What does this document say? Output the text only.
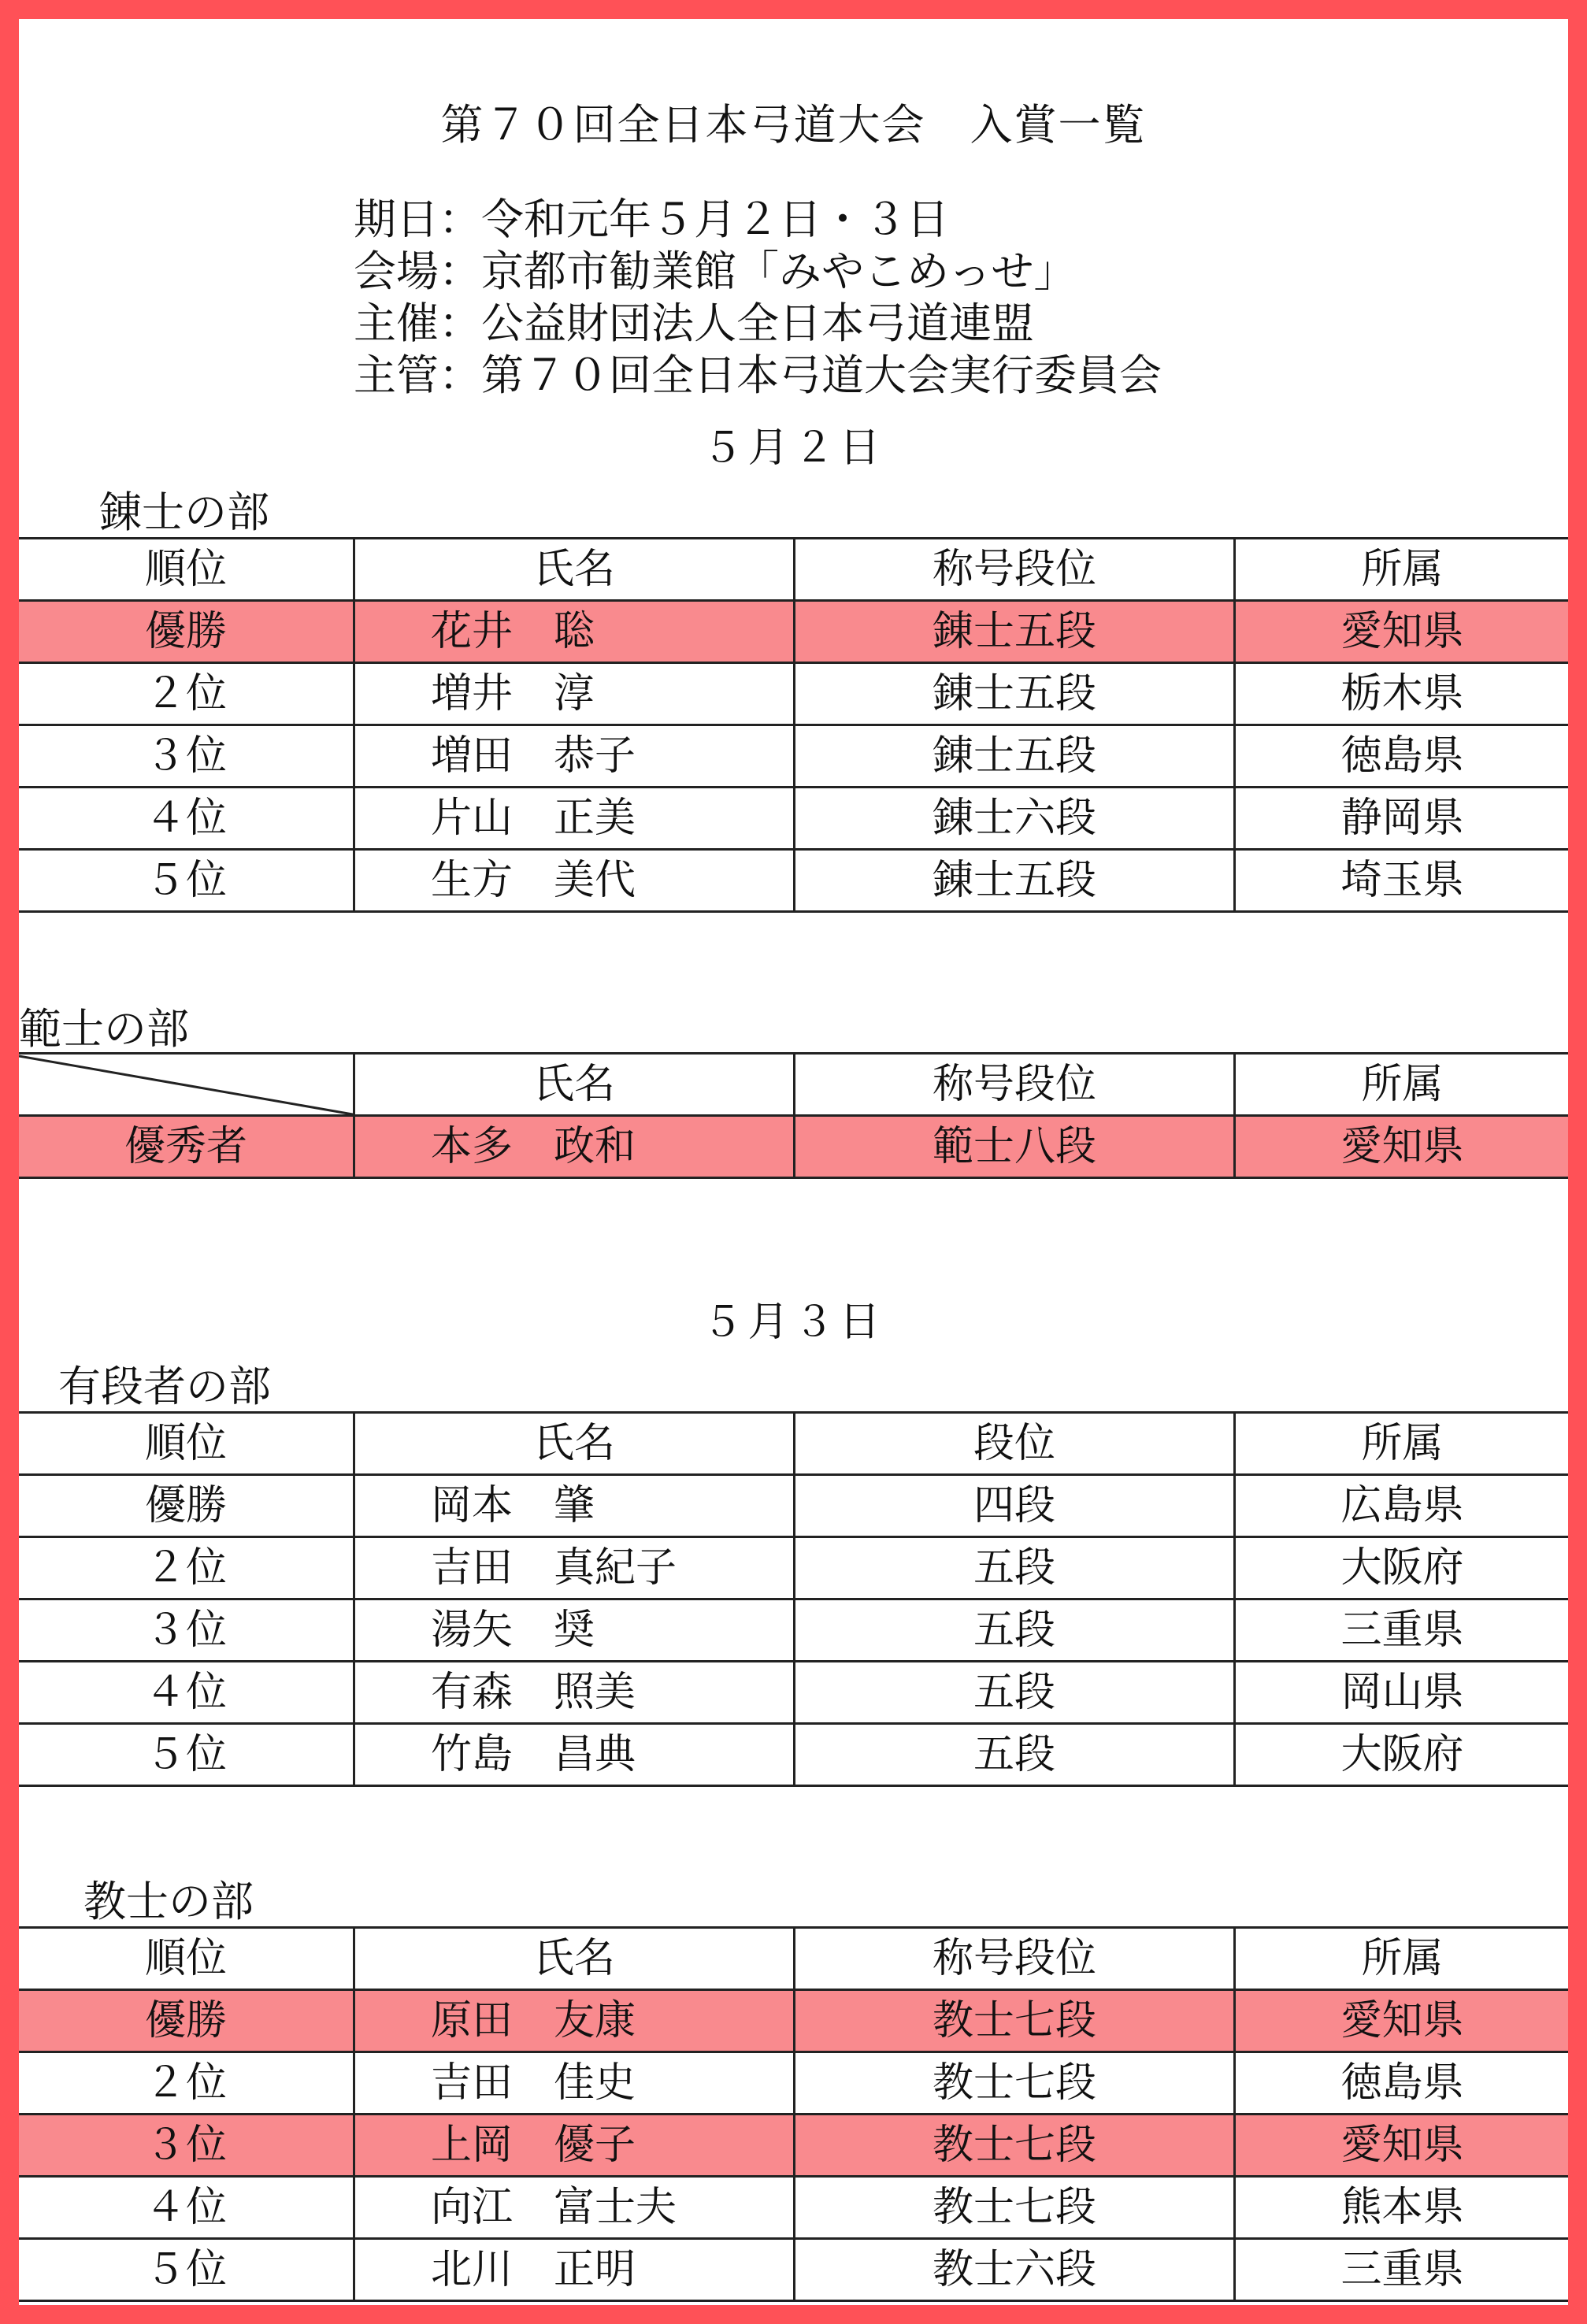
第７０回全日本弓道大会　入賞一覧
期日：令和元年５月２日・３日
会場：京都市勧業館「みやこめっせ」
主催：公益財団法人全日本弓道連盟
主管：第７０回全日本弓道大会実行委員会
５月２日
錬士の部
順位	氏名	称号段位	所属
優勝	花井　聡	錬士五段	愛知県
２位	増井　淳	錬士五段	栃木県
３位	増田　恭子	錬士五段	徳島県
４位	片山　正美	錬士六段	静岡県
５位	生方　美代	錬士五段	埼玉県
範士の部
	氏名	称号段位	所属
優秀者	本多　政和	範士八段	愛知県
５月３日
有段者の部
順位	氏名	段位	所属
優勝	岡本　肇	四段	広島県
２位	吉田　真紀子	五段	大阪府
３位	湯矢　奨	五段	三重県
４位	有森　照美	五段	岡山県
５位	竹島　昌典	五段	大阪府
教士の部
順位	氏名	称号段位	所属
優勝	原田　友康	教士七段	愛知県
２位	吉田　佳史	教士七段	徳島県
３位	上岡　優子	教士七段	愛知県
４位	向江　富士夫	教士七段	熊本県
５位	北川　正明	教士六段	三重県
